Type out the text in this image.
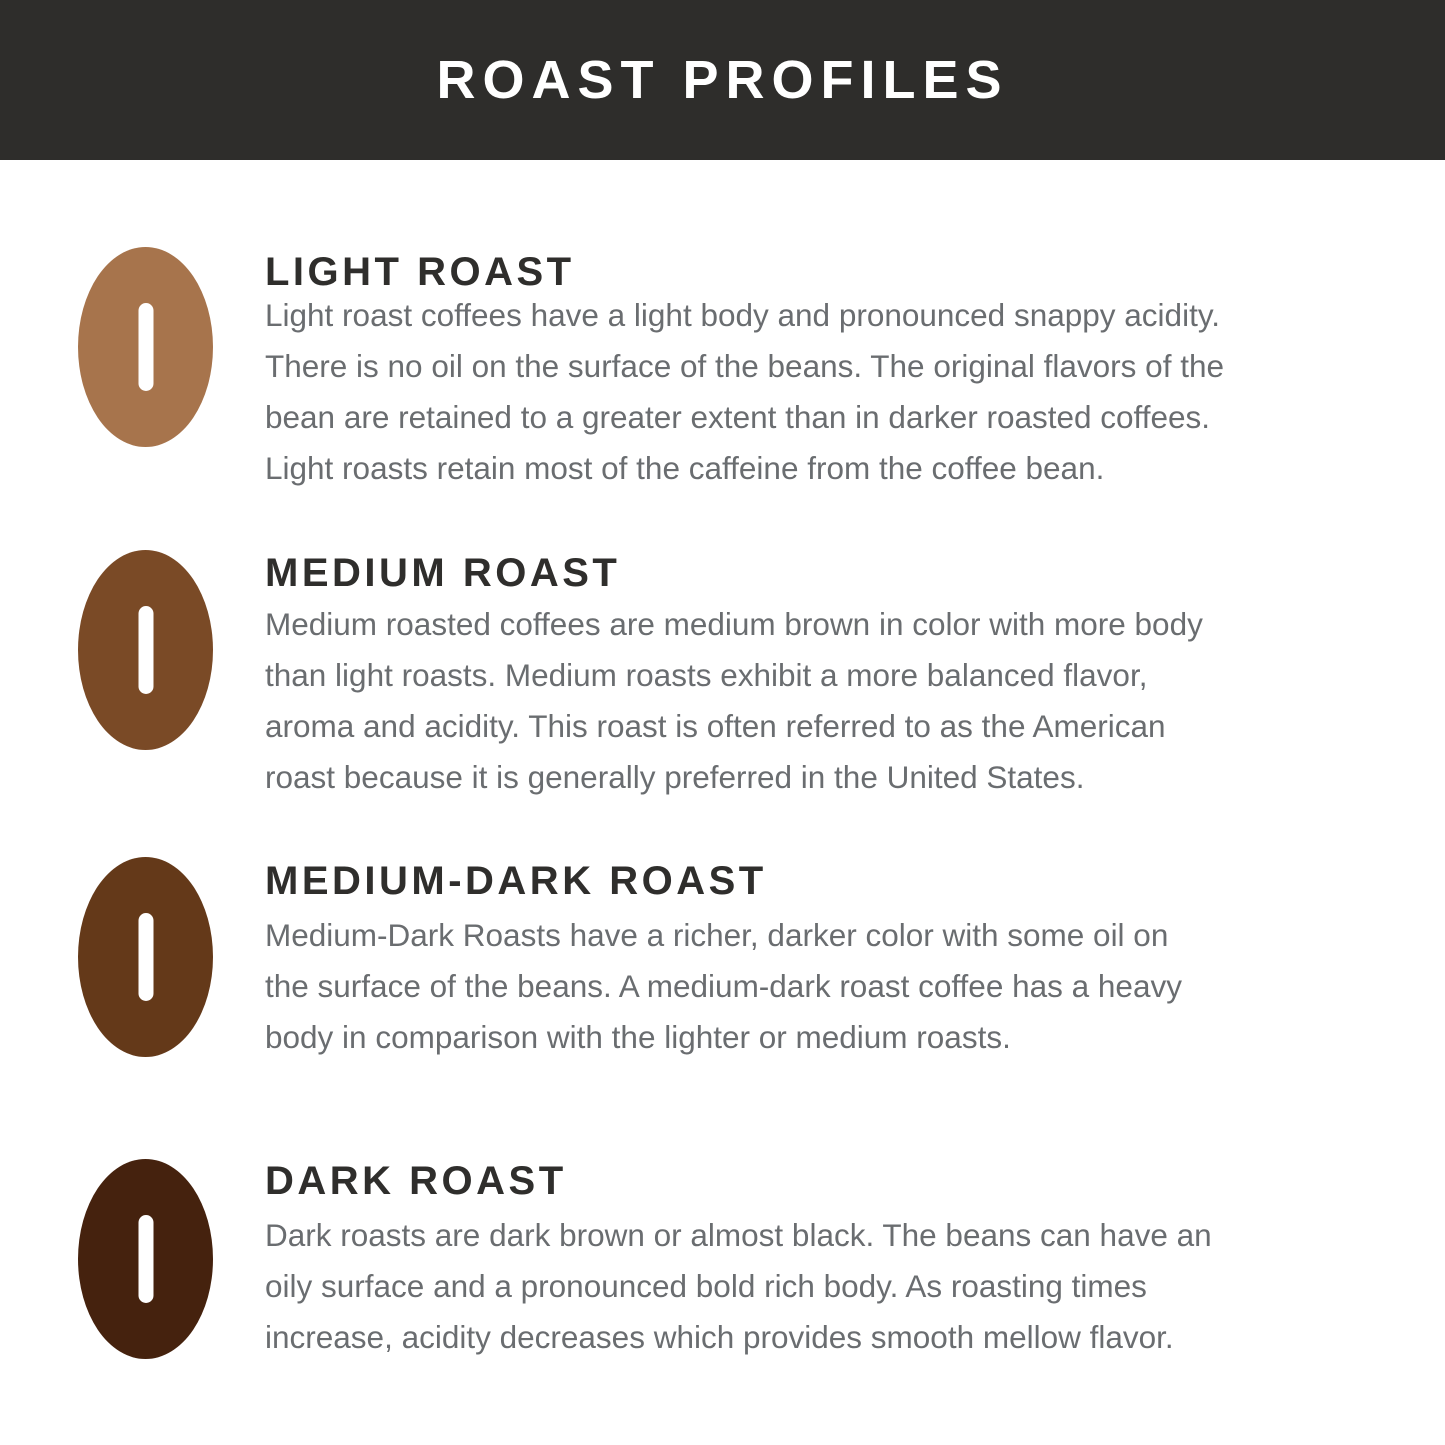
ROAST PROFILES
LIGHT ROAST
Light roast coffees have a light body and pronounced snappy acidity.
There is no oil on the surface of the beans. The original flavors of the
bean are retained to a greater extent than in darker roasted coffees.
Light roasts retain most of the caffeine from the coffee bean.
MEDIUM ROAST
Medium roasted coffees are medium brown in color with more body
than light roasts. Medium roasts exhibit a more balanced flavor,
aroma and acidity. This roast is often referred to as the American
roast because it is generally preferred in the United States.
MEDIUM-DARK ROAST
Medium-Dark Roasts have a richer, darker color with some oil on
the surface of the beans. A medium-dark roast coffee has a heavy
body in comparison with the lighter or medium roasts.
DARK ROAST
Dark roasts are dark brown or almost black. The beans can have an
oily surface and a pronounced bold rich body. As roasting times
increase, acidity decreases which provides smooth mellow flavor.
